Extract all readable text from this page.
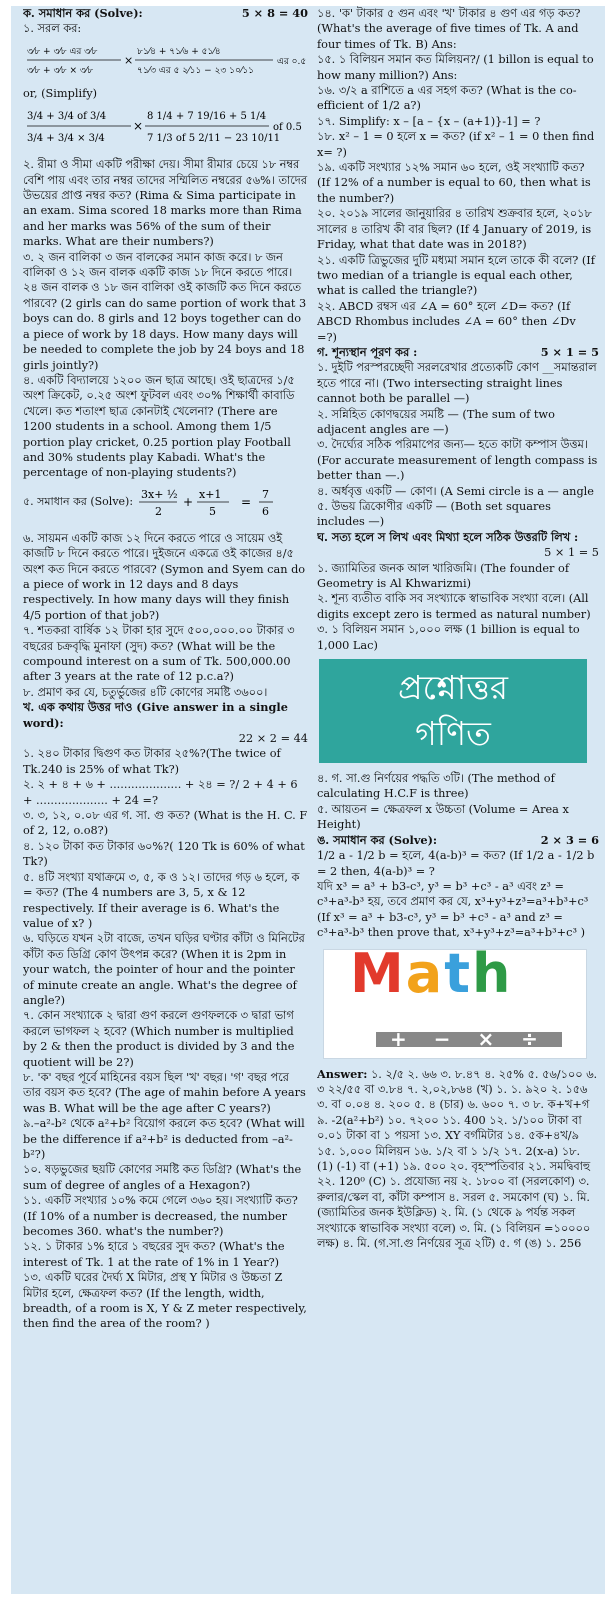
ক. সমাধান কর (Solve):	5 × 8 = 40

১. সরল কর:

৩⁄৮ + ৩⁄৮ এর ৩⁄৮
৩⁄৮ + ৩⁄৮ × ৩⁄৮
×
৮১⁄৪ + ৭১⁄৬ + ৫১⁄৪
৭১⁄৩ এর ৫ ২⁄১১ − ২৩ ১০⁄১১
এর ০.৫

or, (Simplify)

3/4 + 3/4 of 3/4
3/4 + 3/4 × 3/4
×
8 1/4 + 7 19/16 + 5 1/4
7 1/3 of 5 2/11 − 23 10/11
of 0.5

২. রীমা ও সীমা একটি পরীক্ষা দেয়। সীমা রীমার চেয়ে ১৮ নম্বর বেশি পায় এবং তার নম্বর তাদের সম্মিলিত নম্বরের ৫৬%। তাদের উভয়ের প্রাপ্ত নম্বর কত? (Rima & Sima participate in an exam. Sima scored 18 marks more than Rima and her marks was 56% of the sum of their marks. What are their numbers?)

৩. ২ জন বালিকা ৩ জন বালকের সমান কাজ করে। ৮ জন বালিকা ও ১২ জন বালক একটি কাজ ১৮ দিনে করতে পারে। ২৪ জন বালক ও ১৮ জন বালিকা ওই কাজটি কত দিনে করতে পারবে? (2 girls can do same portion of work that 3 boys can do. 8 girls and 12 boys together can do a piece of work by 18 days. How many days will be needed to complete the job by 24 boys and 18 girls jointly?)

৪. একটি বিদ্যালয়ে ১২০০ জন ছাত্র আছে। ওই ছাত্রদের ১/৫ অংশ ক্রিকেট, ০.২৫ অংশ ফুটবল এবং ৩০% শিক্ষার্থী কাবাডি খেলে। কত শতাংশ ছাত্র কোনটাই খেলেনা? (There are 1200 students in a school. Among them 1/5 portion play cricket, 0.25 portion play Football and 30% students play Kabadi. What's the percentage of non-playing students?)

৫. সমাধান কর (Solve):
3x+ ½
2
+
x+1
5
=
7
6

৬. সায়মন একটি কাজ ১২ দিনে করতে পারে ও সায়েম ওই কাজটি ৮ দিনে করতে পারে। দুইজনে একত্রে ওই কাজের ৪/৫ অংশ কত দিনে করতে পারবে? (Symon and Syem can do a piece of work in 12 days and 8 days respectively. In how many days will they finish 4/5 portion of that job?)

৭. শতকরা বার্ষিক ১২ টাকা হার সুদে ৫০০,০০০.০০ টাকার ৩ বছরের চক্রবৃদ্ধি মুনাফা (সুদ) কত? (What will be the compound interest on a sum of Tk. 500,000.00 after 3 years at the rate of 12 p.c.a?)

৮. প্রমাণ কর যে, চতুর্ভুজের ৪টি কোণের সমষ্টি ৩৬০০।

খ. এক কথায় উত্তর দাও (Give answer in a single word):
22 × 2 = 44

১. ২৪০ টাকার দ্বিগুণ কত টাকার ২৫%?(The twice of Tk.240 is 25% of what Tk?)

২. ২ + ৪ + ৬ + .................... + ২৪ = ?/ 2 + 4 + 6 + .................... + 24 =?

৩. ৩, ১২, ০.০৮ এর গ. সা. গু কত? (What is the H. C. F of 2, 12, o.o8?)

৪. ১২০ টাকা কত টাকার ৬০%?( 120 Tk is 60% of what Tk?)

৫. ৪টি সংখ্যা যথাক্রমে ৩, ৫, ক ও ১২। তাদের গড় ৬ হলে, ক = কত? (The 4 numbers are 3, 5, x & 12 respectively. If their average is 6. What's the value of x? )

৬. ঘড়িতে যখন ২টা বাজে, তখন ঘড়ির ঘণ্টার কাঁটা ও মিনিটের কাঁটা কত ডিগ্রি কোণ উৎপন্ন করে? (When it is 2pm in your watch, the pointer of hour and the pointer of minute create an angle. What's the degree of angle?)

৭. কোন সংখ্যাকে ২ দ্বারা গুণ করলে গুণফলকে ৩ দ্বারা ভাগ করলে ভাগফল ২ হবে? (Which number is multiplied by 2 & then the product is divided by 3 and the quotient will be 2?)

৮. 'ক' বছর পূর্বে মাহিনের বয়স ছিল 'খ' বছর। 'গ' বছর পরে তার বয়স কত হবে? (The age of mahin before A years was B. What will be the age after C years?)

৯.–a²-b² থেকে a²+b² বিয়োগ করলে কত হবে? (What will be the difference if a²+b² is deducted from –a²-b²?)

১০. ষড়ভুজের ছয়টি কোণের সমষ্টি কত ডিগ্রি? (What's the sum of degree of angles of a Hexagon?)

১১. একটি সংখ্যার ১০% কমে গেলে ৩৬০ হয়। সংখ্যাটি কত? (If 10% of a number is decreased, the number becomes 360. what's the number?)

১২. ১ টাকার ১% হারে ১ বছরের সুদ কত? (What's the interest of Tk. 1 at the rate of 1% in 1 Year?)

১৩. একটি ঘরের দৈর্ঘ্য X মিটার, প্রস্থ Y মিটার ও উচ্চতা Z মিটার হলে, ক্ষেত্রফল কত? (If the length, width, breadth, of a room is X, Y & Z meter respectively, then find the area of the room? )

১৪. 'ক' টাকার ৫ গুন এবং 'খ' টাকার ৪ গুণ এর গড় কত? (What's the average of five times of Tk. A and four times of Tk. B) Ans:

১৫. ১ বিলিয়ন সমান কত মিলিয়ন?/ (1 billon is equal to how many million?) Ans:

১৬. ৩/২ a রাশিতে a এর সহগ কত? (What is the co-efficient of 1/2 a?)

১৭. Simplify: x – [a – {x – (a+1)}-1] = ?

১৮. x² – 1 = 0 হলে x = কত? (if x² – 1 = 0 then find x= ?)

১৯. একটি সংখ্যার ১২% সমান ৬০ হলে, ওই সংখ্যাটি কত? (If 12% of a number is equal to 60, then what is the number?)

২০. ২০১৯ সালের জানুয়ারির ৪ তারিখ শুক্রবার হলে, ২০১৮ সালের ৪ তারিখ কী বার ছিল? (If 4 January of 2019, is Friday, what that date was in 2018?)

২১. একটি ত্রিভুজের দুটি মধ্যমা সমান হলে তাকে কী বলে? (If two median of a triangle is equal each other, what is called the triangle?)

২২. ABCD রম্বস এর ∠A = 60° হলে ∠D= কত? (If ABCD Rhombus includes ∠A = 60° then ∠Dv =?)

গ. শূন্যস্থান পূরণ কর :	5 × 1 = 5

১. দুইটি পরস্পরচ্ছেদী সরলরেখার প্রত্যেকটি কোণ __সমান্তরাল হতে পারে না। (Two intersecting straight lines cannot both be parallel —)

২. সন্নিহিত কোণদ্বয়ের সমষ্টি — (The sum of two adjacent angles are —)

৩. দৈর্ঘ্যের সঠিক পরিমাপের জন্য— হতে কাটা কম্পাস উত্তম। (For accurate measurement of length compass is better than —.)

৪. অর্ধবৃত্ত একটি — কোণ। (A Semi circle is a — angle

৫. উভয় ত্রিকোণীর একটি — (Both set squares includes —)

ঘ. সত্য হলে স লিখ এবং মিথ্যা হলে সঠিক উত্তরটি লিখ :
5 × 1 = 5

১. জ্যামিতির জনক আল খারিজমি। (The founder of Geometry is Al Khwarizmi)

২. শূন্য ব্যতীত বাকি সব সংখ্যাকে স্বাভাবিক সংখ্যা বলে। (All digits except zero is termed as natural number)

৩. ১ বিলিয়ন সমান ১,০০০ লক্ষ (1 billion is equal to 1,000 Lac)

প্রশ্নোত্তর
গণিত

৪. গ. সা.গু নির্ণয়ের পদ্ধতি ৩টি। (The method of calculating H.C.F is three)

৫. আয়তন = ক্ষেত্রফল x উচ্চতা (Volume = Area x Height)

ঙ. সমাধান কর (Solve):	2 × 3 = 6

1/2 a - 1/2 b = হলে, 4(a-b)³ = কত? (If 1/2 a - 1/2 b = 2 then, 4(a-b)³ = ?

যদি x³ = a³ + b3-c³, y³ = b³ +c³ - a³ এবং z³ = c³+a³-b³ হয়, তবে প্রমাণ কর যে, x³+y³+z³=a³+b³+c³ (If x³ = a³ + b3-c³, y³ = b³ +c³ - a³ and z³ = c³+a³-b³ then prove that, x³+y³+z³=a³+b³+c³ )

Math
+ − × ÷

Answer: ১. ২/৫ ২. ৬৬ ৩. ৮.৪৭ ৪. ২৫% ৫. ৫৬/১০০ ৬. ৩ ২২/৫৫ বা ৩.৮৪ ৭. ২,০২,৮৬৪ (খ) ১. ১. ৯২০ ২. ১৫৬ ৩. বা ০.০৪ ৪. ২০০ ৫. ৪ (চার) ৬. ৬০০ ৭. ৩ ৮. ক+খ+গ ৯. -2(a²+b²) ১০. ৭২০০ ১১. 400 ১২. ১/১০০ টাকা বা ০.০১ টাকা বা ১ পয়সা ১৩. XY বর্গমিটার ১৪. ৫ক+৪খ/৯ ১৫. ১,০০০ মিলিয়ন ১৬. ১/২ বা ১ ১/২ ১৭. 2(x-a) ১৮. (1) (-1) বা (+1) ১৯. ৫০০ ২০. বৃহস্পতিবার ২১. সমদ্বিবাহু ২২. 120⁰ (C) ১. প্রযোজ্য নয় ২. ১৮০০ বা (সরলকোণ) ৩. রুলার/স্কেল বা, কাঁটা কম্পাস ৪. সরল ৫. সমকোণ (ঘ) ১. মি. (জ্যামিতির জনক ইউক্লিড) ২. মি. (১ থেকে ৯ পর্যন্ত সকল সংখ্যাকে স্বাভাবিক সংখ্যা বলে) ৩. মি. (১ বিলিয়ন =১০০০০ লক্ষ) ৪. মি. (গ.সা.গু নির্ণয়ের সূত্র ২টি) ৫. গ (ঙ) ১. 256
